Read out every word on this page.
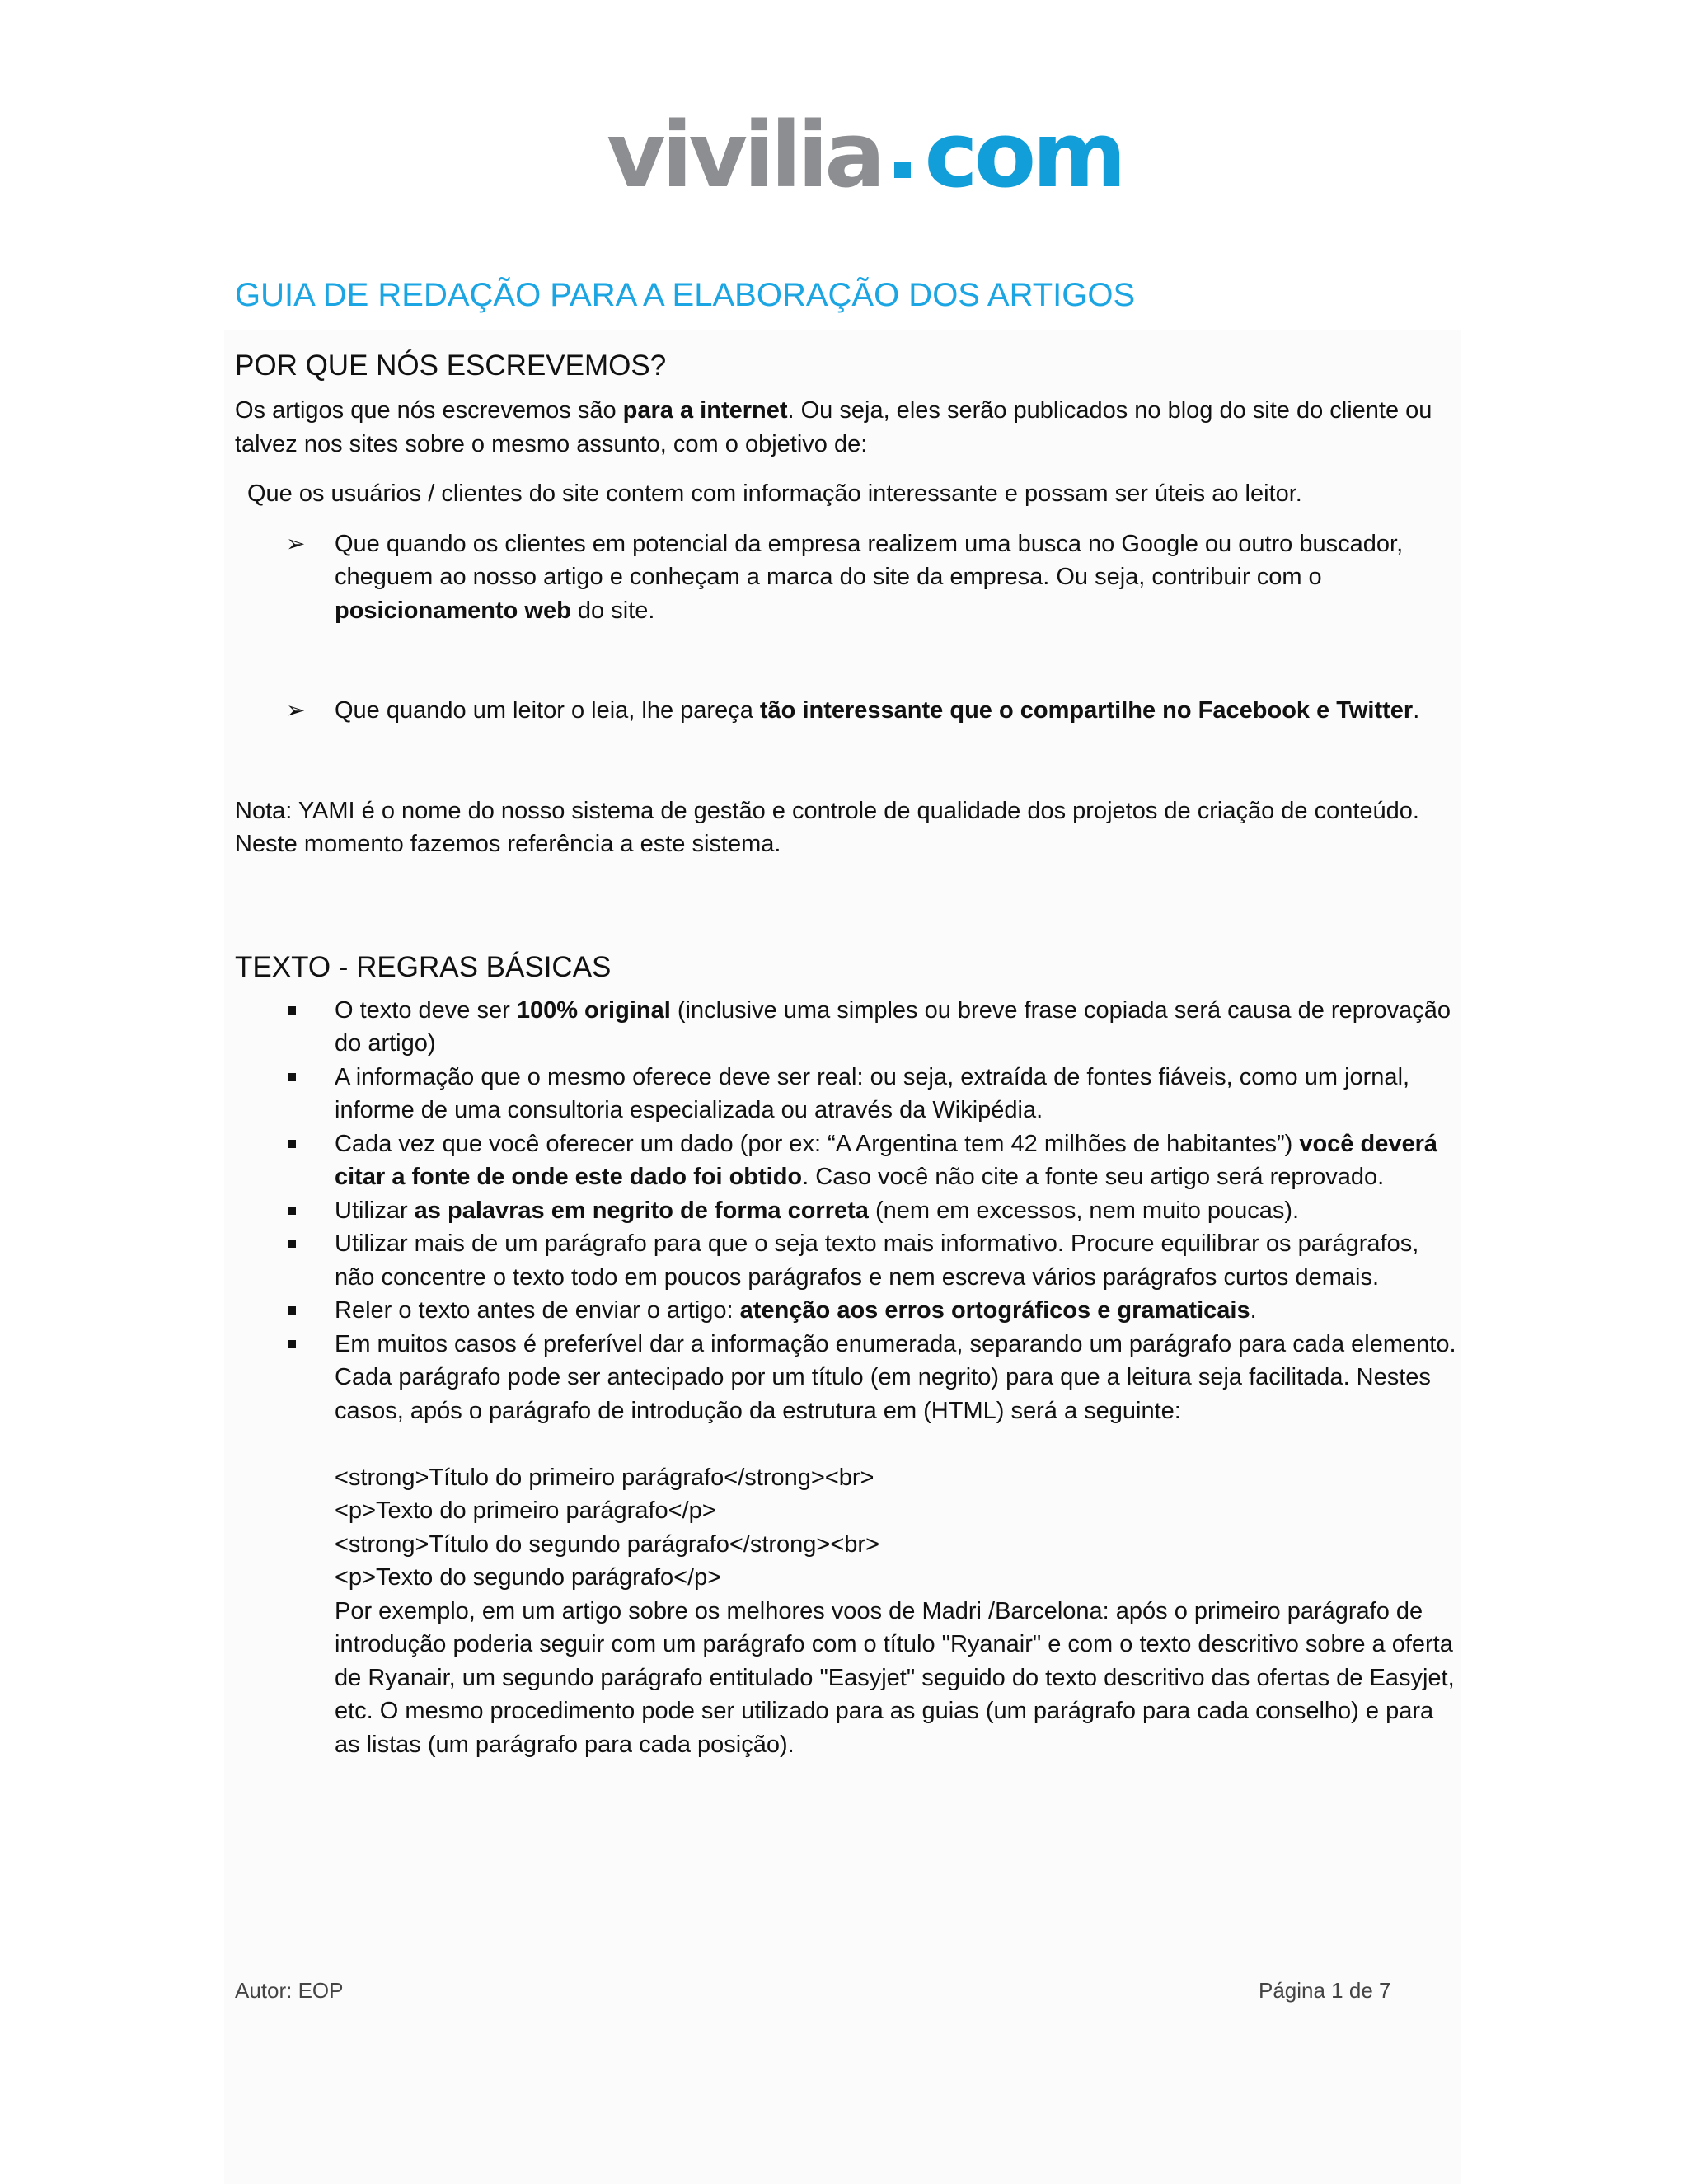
vivilia com
GUIA DE REDAÇÃO PARA A ELABORAÇÃO DOS ARTIGOS
POR QUE NÓS ESCREVEMOS?

Os artigos que nós escrevemos são para a internet. Ou seja, eles serão publicados no blog do site do cliente ou talvez nos sites sobre o mesmo assunto, com o objetivo de:

Que os usuários / clientes do site contem com informação interessante e possam ser úteis ao leitor.

➢ Que quando os clientes em potencial da empresa realizem uma busca no Google ou outro buscador, cheguem ao nosso artigo e conheçam a marca do site da empresa. Ou seja, contribuir com o posicionamento web do site.
➢ Que quando um leitor o leia, lhe pareça tão interessante que o compartilhe no Facebook e Twitter.

Nota: YAMI é o nome do nosso sistema de gestão e controle de qualidade dos projetos de criação de conteúdo. Neste momento fazemos referência a este sistema.

TEXTO - REGRAS BÁSICAS
O texto deve ser 100% original (inclusive uma simples ou breve frase copiada será causa de reprovação do artigo)
A informação que o mesmo oferece deve ser real: ou seja, extraída de fontes fiáveis, como um jornal, informe de uma consultoria especializada ou através da Wikipédia.
Cada vez que você oferecer um dado (por ex: “A Argentina tem 42 milhões de habitantes”) você deverá citar a fonte de onde este dado foi obtido. Caso você não cite a fonte seu artigo será reprovado.
Utilizar as palavras em negrito de forma correta (nem em excessos, nem muito poucas).
Utilizar mais de um parágrafo para que o seja texto mais informativo. Procure equilibrar os parágrafos, não concentre o texto todo em poucos parágrafos e nem escreva vários parágrafos curtos demais.
Reler o texto antes de enviar o artigo: atenção aos erros ortográficos e gramaticais.
Em muitos casos é preferível dar a informação enumerada, separando um parágrafo para cada elemento. Cada parágrafo pode ser antecipado por um título (em negrito) para que a leitura seja facilitada. Nestes casos, após o parágrafo de introdução da estrutura em (HTML) será a seguinte:
<strong>Título do primeiro parágrafo</strong><br>
<p>Texto do primeiro parágrafo</p>
<strong>Título do segundo parágrafo</strong><br>
<p>Texto do segundo parágrafo</p>
Por exemplo, em um artigo sobre os melhores voos de Madri /Barcelona: após o primeiro parágrafo de introdução poderia seguir com um parágrafo com o título "Ryanair" e com o texto descritivo sobre a oferta de Ryanair, um segundo parágrafo entitulado "Easyjet" seguido do texto descritivo das ofertas de Easyjet, etc. O mesmo procedimento pode ser utilizado para as guias (um parágrafo para cada conselho) e para as listas (um parágrafo para cada posição).
Autor: EOP	Página 1 de 7
